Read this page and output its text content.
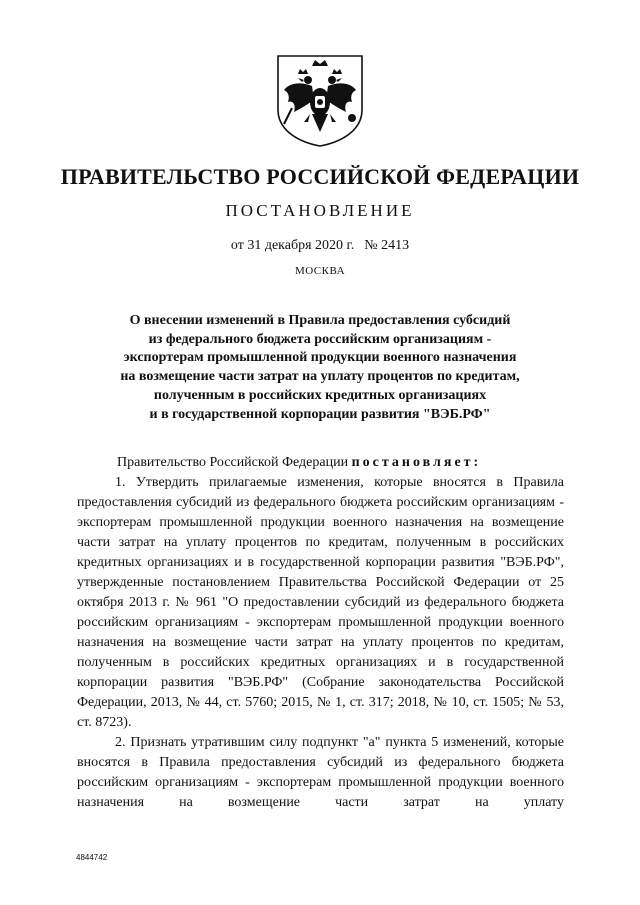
ПРАВИТЕЛЬСТВО РОССИЙСКОЙ ФЕДЕРАЦИИ
ПОСТАНОВЛЕНИЕ
от 31 декабря 2020 г. № 2413
МОСКВА
О внесении изменений в Правила предоставления субсидий
из федерального бюджета российским организациям -
экспортерам промышленной продукции военного назначения
на возмещение части затрат на уплату процентов по кредитам,
полученным в российских кредитных организациях
и в государственной корпорации развития "ВЭБ.РФ"

Правительство Российской Федерации постановляет:

1. Утвердить прилагаемые изменения, которые вносятся в Правила предоставления субсидий из федерального бюджета российским организациям - экспортерам промышленной продукции военного назначения на возмещение части затрат на уплату процентов по кредитам, полученным в российских кредитных организациях и в государственной корпорации развития "ВЭБ.РФ", утвержденные постановлением Правительства Российской Федерации от 25 октября 2013 г. № 961 "О предоставлении субсидий из федерального бюджета российским организациям - экспортерам промышленной продукции военного назначения на возмещение части затрат на уплату процентов по кредитам, полученным в российских кредитных организациях и в государственной корпорации развития "ВЭБ.РФ" (Собрание законодательства Российской Федерации, 2013, № 44, ст. 5760; 2015, № 1, ст. 317; 2018, № 10, ст. 1505; № 53, ст. 8723).

2. Признать утратившим силу подпункт "а" пункта 5 изменений, которые вносятся в Правила предоставления субсидий из федерального бюджета российским организациям - экспортерам промышленной продукции военного назначения на возмещение части затрат на уплату

4844742
